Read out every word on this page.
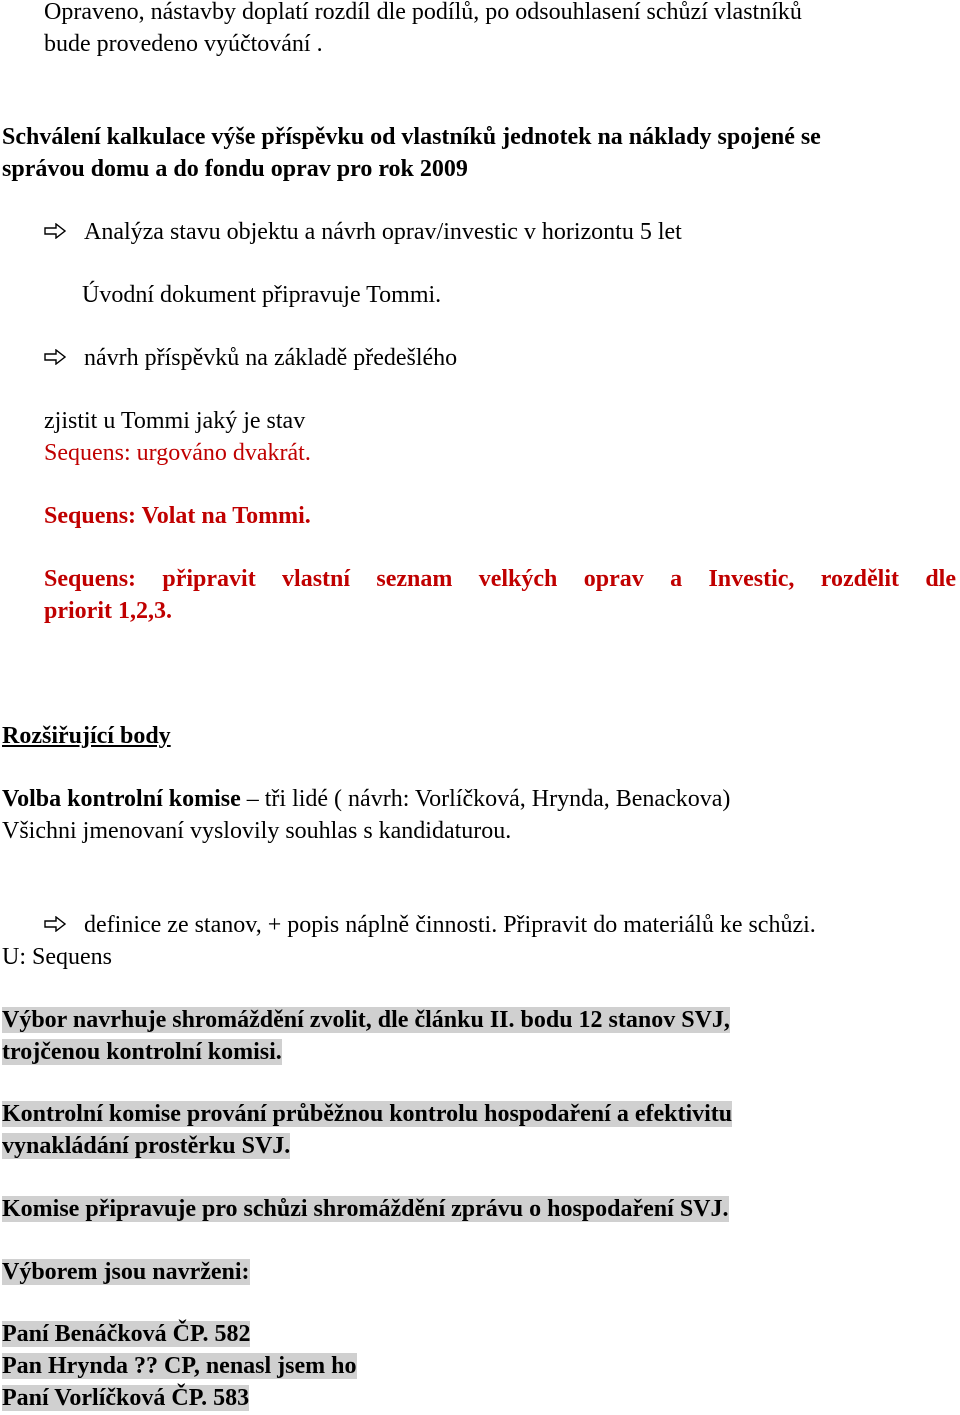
Opraveno, nástavby doplatí rozdíl dle podílů, po odsouhlasení schůzí vlastníků

bude provedeno vyúčtování .

Schválení kalkulace výše příspěvku od vlastníků jednotek na náklady spojené se

správou domu a do fondu oprav pro rok 2009

Analýza stavu objektu a návrh oprav/investic v horizontu 5 let

Úvodní dokument připravuje Tommi.

návrh příspěvků na základě předešlého

zjistit u Tommi jaký je stav

Sequens: urgováno dvakrát.

Sequens: Volat na Tommi.

Sequens: připravit vlastní seznam velkých oprav a Investic, rozdělit dle

priorit 1,2,3.

Rozšiřující body

Volba kontrolní komise – tři lidé ( návrh: Vorlíčková, Hrynda, Benackova)

Všichni jmenovaní vyslovily souhlas s kandidaturou.

definice ze stanov, + popis náplně činnosti. Připravit do materiálů ke schůzi.

U: Sequens

Výbor navrhuje shromáždění zvolit, dle článku II. bodu 12 stanov SVJ,

trojčenou kontrolní komisi.

Kontrolní komise prování průběžnou kontrolu hospodaření a efektivitu

vynakládání prostěrku SVJ.

Komise připravuje pro schůzi shromáždění zprávu o hospodaření SVJ.

Výborem jsou navrženi:

Paní Benáčková ČP. 582

Pan Hrynda ?? CP, nenasl jsem ho

Paní Vorlíčková ČP. 583
